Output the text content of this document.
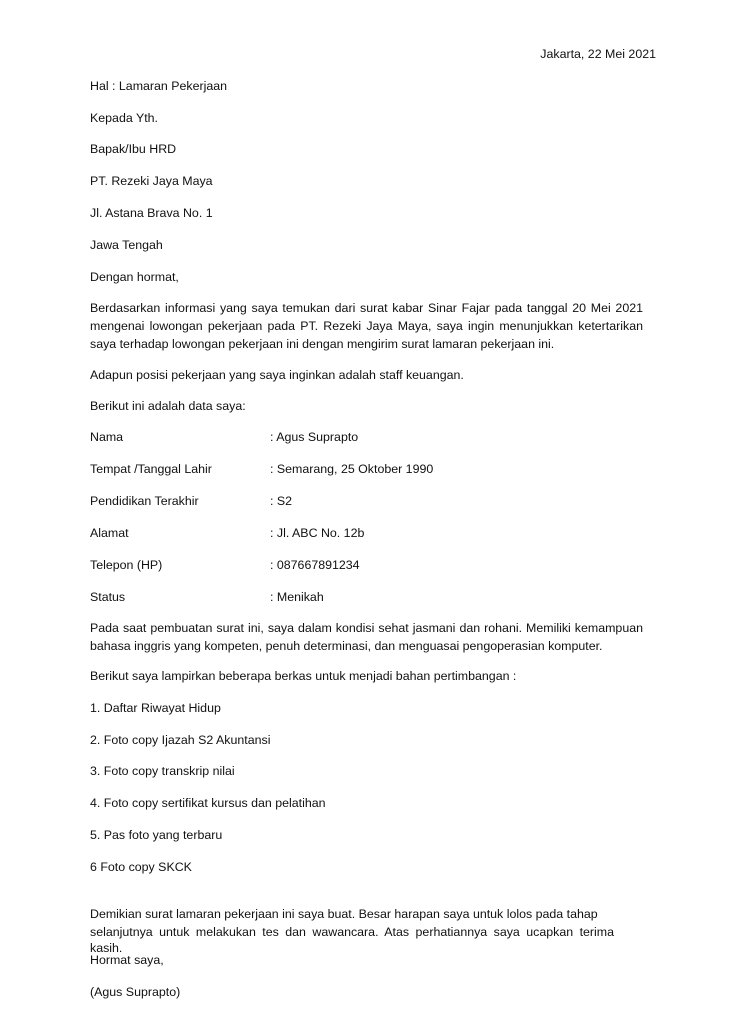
Jakarta, 22 Mei 2021
Hal : Lamaran Pekerjaan
Kepada Yth.
Bapak/Ibu HRD
PT. Rezeki Jaya Maya
Jl. Astana Brava No. 1
Jawa Tengah
Dengan hormat,
Berdasarkan informasi yang saya temukan dari surat kabar Sinar Fajar pada tanggal 20 Mei 2021
mengenai lowongan pekerjaan pada PT. Rezeki Jaya Maya, saya ingin menunjukkan ketertarikan
saya terhadap lowongan pekerjaan ini dengan mengirim surat lamaran pekerjaan ini.
Adapun posisi pekerjaan yang saya inginkan adalah staff keuangan.
Berikut ini adalah data saya:
Nama	: Agus Suprapto
Tempat /Tanggal Lahir	: Semarang, 25 Oktober 1990
Pendidikan Terakhir	: S2
Alamat	: Jl. ABC No. 12b
Telepon (HP)	: 087667891234
Status	: Menikah
Pada saat pembuatan surat ini, saya dalam kondisi sehat jasmani dan rohani. Memiliki kemampuan
bahasa inggris yang kompeten, penuh determinasi, dan menguasai pengoperasian komputer.
Berikut saya lampirkan beberapa berkas untuk menjadi bahan pertimbangan :
1. Daftar Riwayat Hidup
2. Foto copy Ijazah S2 Akuntansi
3. Foto copy transkrip nilai
4. Foto copy sertifikat kursus dan pelatihan
5. Pas foto yang terbaru
6 Foto copy SKCK
Demikian surat lamaran pekerjaan ini saya buat. Besar harapan saya untuk lolos pada tahap
selanjutnya untuk melakukan tes dan wawancara. Atas perhatiannya saya ucapkan terima kasih.
Hormat saya,
(Agus Suprapto)
